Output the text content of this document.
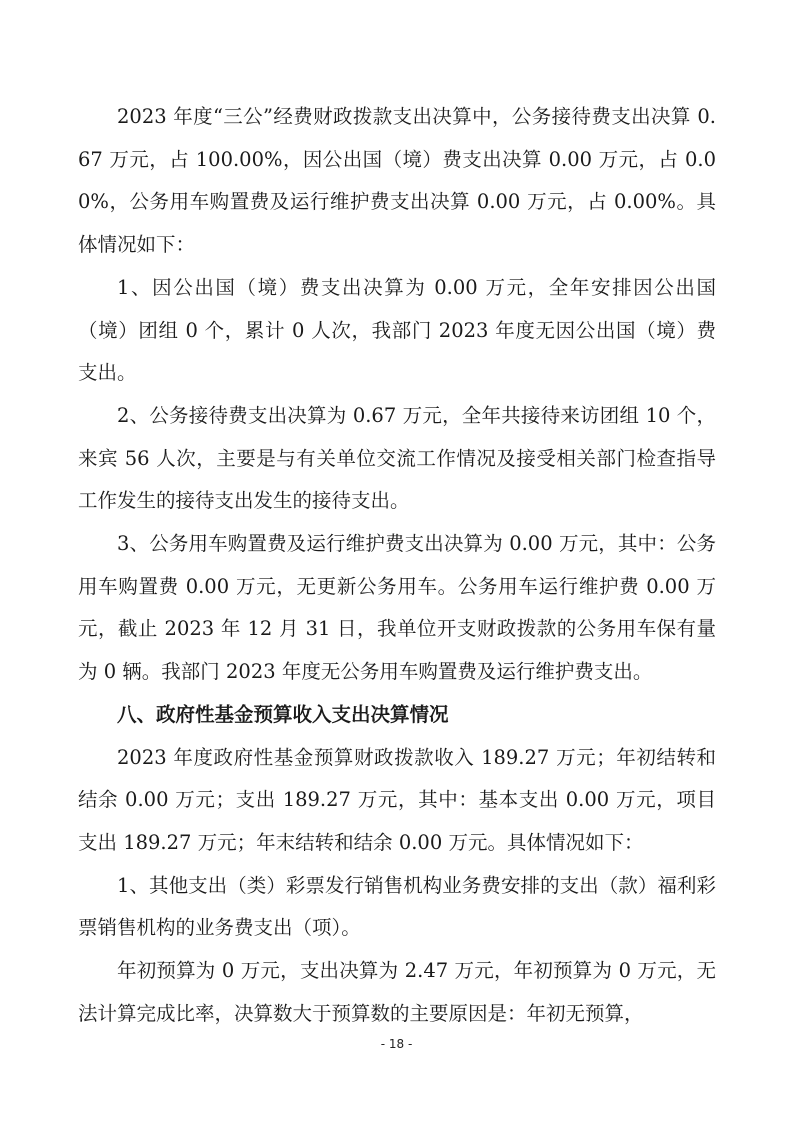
2023 年度“三公”经费财政拨款支出决算中，公务接待费支出决算 0.67 万元，占 100.00%，因公出国（境）费支出决算 0.00 万元，占 0.00%，公务用车购置费及运行维护费支出决算 0.00 万元，占 0.00%。具体情况如下：

1、因公出国（境）费支出决算为 0.00 万元，全年安排因公出国（境）团组 0 个，累计 0 人次，我部门 2023 年度无因公出国（境）费支出。

2、公务接待费支出决算为 0.67 万元，全年共接待来访团组 10 个，来宾 56 人次，主要是与有关单位交流工作情况及接受相关部门检查指导工作发生的接待支出发生的接待支出。

3、公务用车购置费及运行维护费支出决算为 0.00 万元，其中：公务用车购置费 0.00 万元，无更新公务用车。公务用车运行维护费 0.00 万元，截止 2023 年 12 月 31 日，我单位开支财政拨款的公务用车保有量为 0 辆。我部门 2023 年度无公务用车购置费及运行维护费支出。

八、政府性基金预算收入支出决算情况

2023 年度政府性基金预算财政拨款收入 189.27 万元；年初结转和结余 0.00 万元；支出 189.27 万元，其中：基本支出 0.00 万元，项目支出 189.27 万元；年末结转和结余 0.00 万元。具体情况如下：

1、其他支出（类）彩票发行销售机构业务费安排的支出（款）福利彩票销售机构的业务费支出（项）。

年初预算为 0 万元，支出决算为 2.47 万元，年初预算为 0 万元，无法计算完成比率，决算数大于预算数的主要原因是：年初无预算，

- 18 -
